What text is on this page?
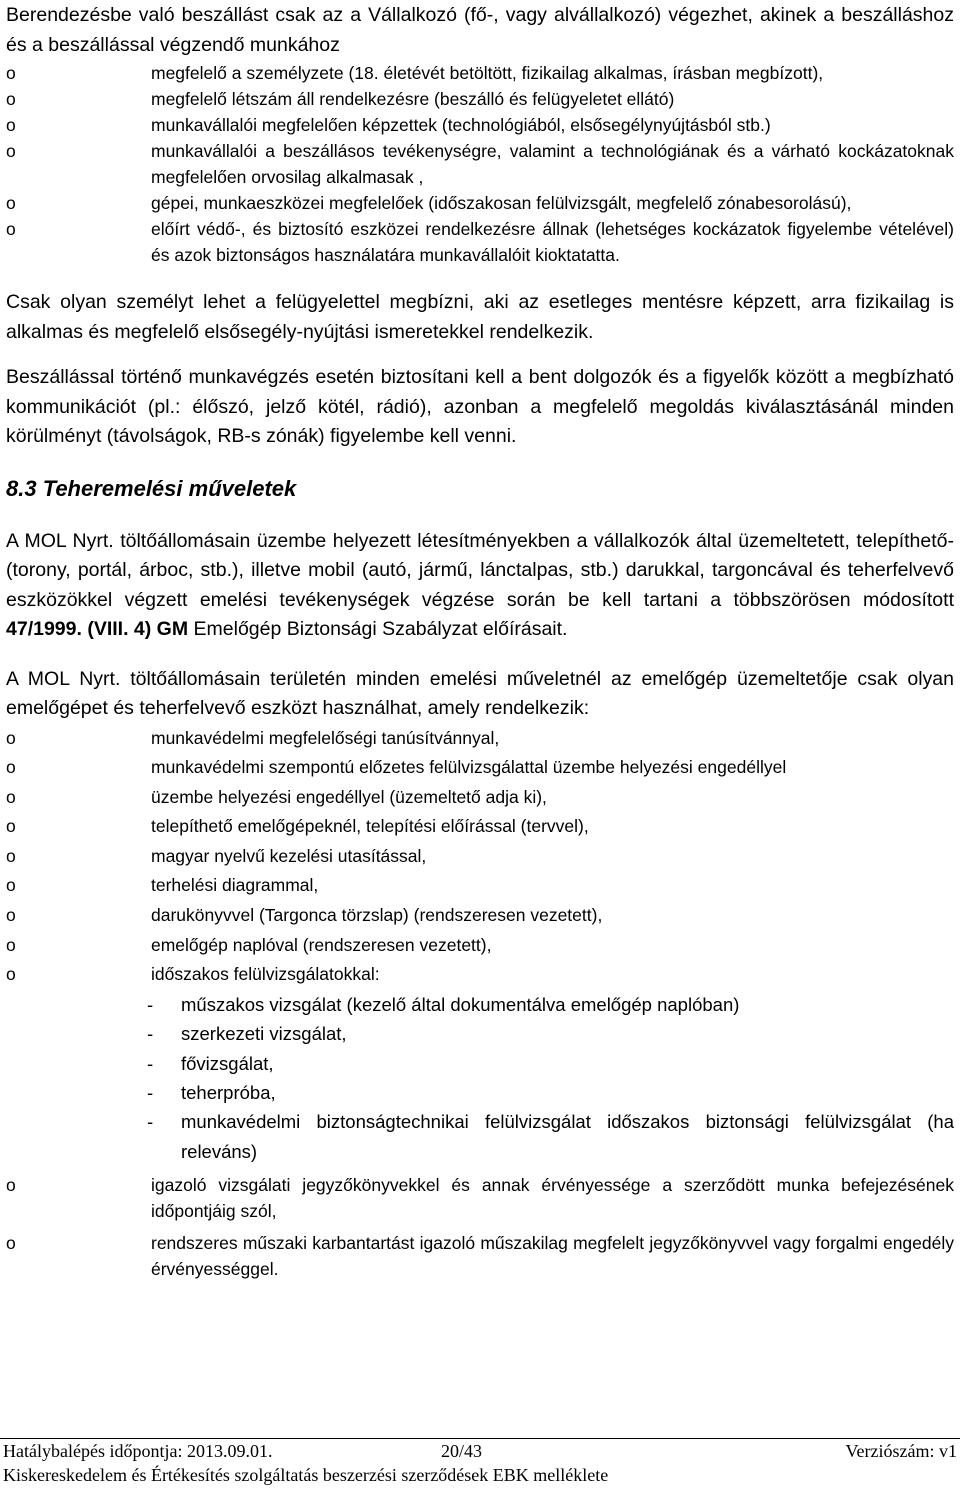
Berendezésbe való beszállást csak az a Vállalkozó (fő-, vagy alvállalkozó) végezhet, akinek a beszálláshoz és a beszállással végzendő munkához

o	megfelelő a személyzete (18. életévét betöltött, fizikailag alkalmas, írásban megbízott),
o	megfelelő létszám áll rendelkezésre (beszálló és felügyeletet ellátó)
o	munkavállalói megfelelően képzettek (technológiából, elsősegélynyújtásból stb.)
o	munkavállalói a beszállásos tevékenységre, valamint a technológiának és a várható kockázatoknak megfelelően orvosilag alkalmasak ,
o	gépei, munkaeszközei megfelelőek (időszakosan felülvizsgált, megfelelő zónabesorolású),
o	előírt védő-, és biztosító eszközei rendelkezésre állnak (lehetséges kockázatok figyelembe vételével) és azok biztonságos használatára munkavállalóit kioktatatta.

Csak olyan személyt lehet a felügyelettel megbízni, aki az esetleges mentésre képzett, arra fizikailag is alkalmas és megfelelő elsősegély-nyújtási ismeretekkel rendelkezik.

Beszállással történő munkavégzés esetén biztosítani kell a bent dolgozók és a figyelők között a megbízható kommunikációt (pl.: élőszó, jelző kötél, rádió), azonban a megfelelő megoldás kiválasztásánál minden körülményt (távolságok, RB-s zónák) figyelembe kell venni.

8.3 Teheremelési műveletek

A MOL Nyrt. töltőállomásain üzembe helyezett létesítményekben a vállalkozók által üzemeltetett, telepíthető- (torony, portál, árboc, stb.), illetve mobil (autó, jármű, lánctalpas, stb.) darukkal, targoncával és teherfelvevő eszközökkel végzett emelési tevékenységek végzése során be kell tartani a többszörösen módosított 47/1999. (VIII. 4) GM Emelőgép Biztonsági Szabályzat előírásait.

A MOL Nyrt. töltőállomásain területén minden emelési műveletnél az emelőgép üzemeltetője csak olyan emelőgépet és teherfelvevő eszközt használhat, amely rendelkezik:

o	munkavédelmi megfelelőségi tanúsítvánnyal,
o	munkavédelmi szempontú előzetes felülvizsgálattal üzembe helyezési engedéllyel
o	üzembe helyezési engedéllyel (üzemeltető adja ki),
o	telepíthető emelőgépeknél, telepítési előírással (tervvel),
o	magyar nyelvű kezelési utasítással,
o	terhelési diagrammal,
o	darukönyvvel (Targonca törzslap) (rendszeresen vezetett),
o	emelőgép naplóval (rendszeresen vezetett),
o	időszakos felülvizsgálatokkal:
- műszakos vizsgálat (kezelő által dokumentálva emelőgép naplóban)
- szerkezeti vizsgálat,
- fővizsgálat,
- teherpróba,
- munkavédelmi biztonságtechnikai felülvizsgálat időszakos biztonsági felülvizsgálat (ha releváns)
o	igazoló vizsgálati jegyzőkönyvekkel és annak érvényessége a szerződött munka befejezésének időpontjáig szól,
o	rendszeres műszaki karbantartást igazoló műszakilag megfelelt jegyzőkönyvvel vagy forgalmi engedély érvényességgel.
Hatálybalépés időpontja: 2013.09.01.	20/43	Verziószám: v1
Kiskereskedelem és Értékesítés szolgáltatás beszerzési szerződések EBK melléklete
